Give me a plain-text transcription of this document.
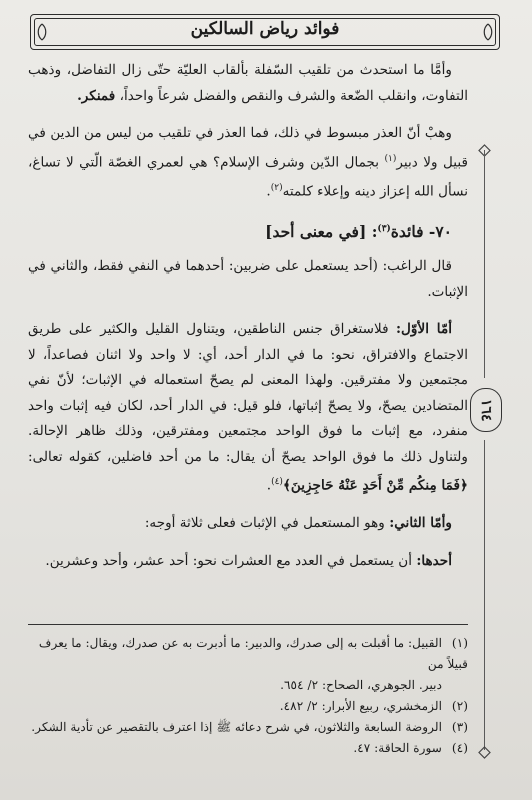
فوائد رياض السالكين
١٦٤

وأمَّا ما استحدث من تلقيب السّفلة بألقاب العليّة حتّى زال التفاضل، وذهب التفاوت، وانقلب الضّعة والشرف والنقص والفضل شرعاً واحداً، فمنكر.

وهبْ أنّ العذر مبسوط في ذلك، فما العذر في تلقيب من ليس من الدين في قبيل ولا دبير$^{(١)}$ بجمال الدّين وشرف الإسلام؟ هي لعمري الغصّة الّتي لا تساغ، نسأل الله إعزاز دينه وإعلاء كلمته$^{(٢)}$.

٧٠- فائدة$^{(٣)}$: [في معنى أحد]

قال الراغب: (أحد يستعمل على ضربين: أحدهما في النفي فقط، والثاني في الإثبات.

أمّا الأوّل: فلاستغراق جنس الناطقين، ويتناول القليل والكثير على طريق الاجتماع والافتراق، نحو: ما في الدار أحد، أي: لا واحد ولا اثنان فصاعداً، لا مجتمعين ولا مفترقين. ولهذا المعنى لم يصحّ استعماله في الإثبات؛ لأنّ نفي المتضادين يصحّ، ولا يصحّ إثباتها، فلو قيل: في الدار أحد، لكان فيه إثبات واحد منفرد، مع إثبات ما فوق الواحد مجتمعين ومفترقين، وذلك ظاهر الإحالة. ولتناول ذلك ما فوق الواحد يصحّ أن يقال: ما من أحد فاضلين، كقوله تعالى: ﴿فَمَا مِنكُم مِّنْ أَحَدٍ عَنْهُ حَاجِزِينَ﴾$^{(٤)}$.

وأمّا الثاني: وهو المستعمل في الإثبات فعلى ثلاثة أوجه:

أحدها: أن يستعمل في العدد مع العشرات نحو: أحد عشر، وأحد وعشرين.

(١)القبيل: ما أقبلت به إلى صدرك، والدبير: ما أدبرت به عن صدرك، ويقال: ما يعرف قبيلاً من

دبير. الجوهري، الصحاح: ٢/ ٦٥٤.

(٢)الزمخشري، ربيع الأبرار: ٢/ ٤٨٢.

(٣)الروضة السابعة والثلاثون، في شرح دعائه ﷺ إذا اعترف بالتقصير عن تأدية الشكر.

(٤)سورة الحاقة: ٤٧.
